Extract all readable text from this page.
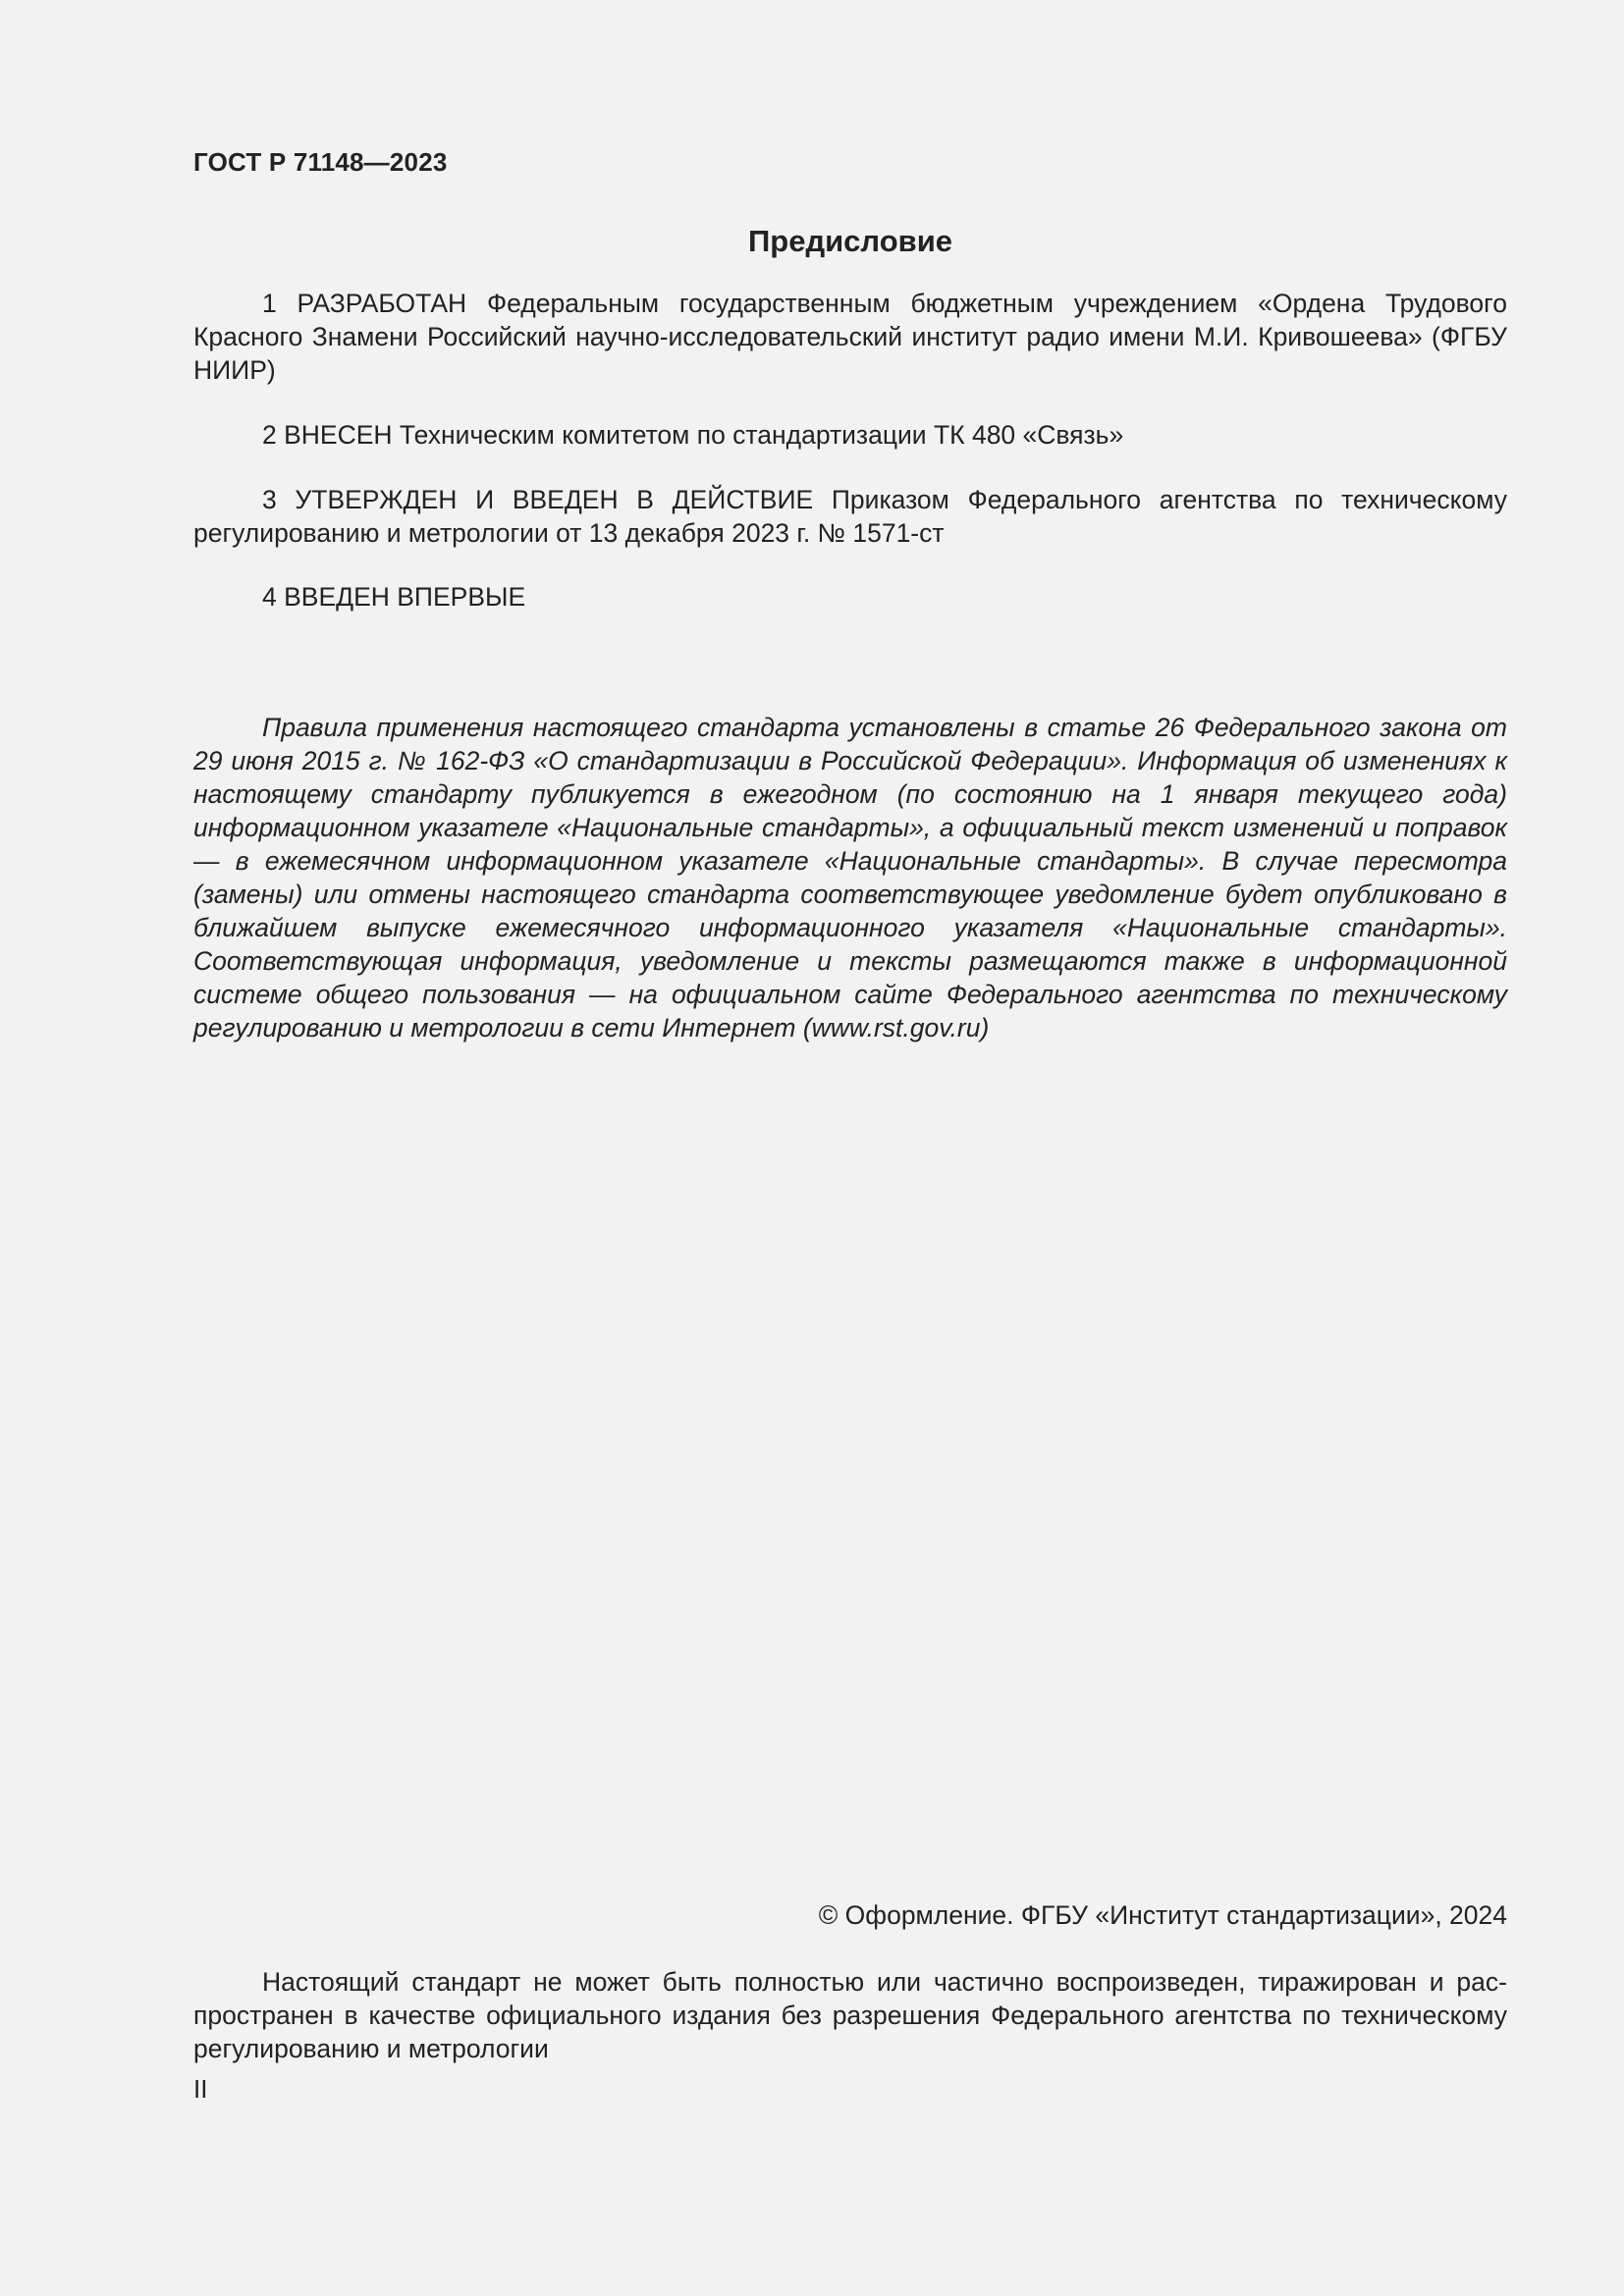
ГОСТ Р 71148—2023
Предисловие

1 РАЗРАБОТАН Федеральным государственным бюджетным учреждением «Ордена Трудового Красного Знамени Российский научно-исследовательский институт радио имени М.И. Кривошеева» (ФГБУ НИИР)

2 ВНЕСЕН Техническим комитетом по стандартизации ТК 480 «Связь»

3 УТВЕРЖДЕН И ВВЕДЕН В ДЕЙСТВИЕ Приказом Федерального агентства по техническому регулированию и метрологии от 13 декабря 2023 г. № 1571-ст

4 ВВЕДЕН ВПЕРВЫЕ

Правила применения настоящего стандарта установлены в статье 26 Федерального закона от 29 июня 2015 г. № 162-ФЗ «О стандартизации в Российской Федерации». Информация об изменениях к настоящему стандарту публикуется в ежегодном (по состоянию на 1 января текущего года) информационном указателе «Национальные стандарты», а официальный текст изменений и поправок — в ежемесячном информационном указателе «Национальные стандарты». В случае пересмотра (замены) или отмены настоящего стандарта соответствующее уведомление будет опубликовано в ближайшем выпуске ежемесячного информационного указателя «Национальные стандарты». Соответствующая информация, уведомление и тексты размещаются также в информационной системе общего пользования — на официальном сайте Федерального агентства по техническому регулированию и метрологии в сети Интернет (www.rst.gov.ru)

© Оформление. ФГБУ «Институт стандартизации», 2024

Настоящий стандарт не может быть полностью или частично воспроизведен, тиражирован и распространен в качестве официального издания без разрешения Федерального агентства по техническому регулированию и метрологии

II
